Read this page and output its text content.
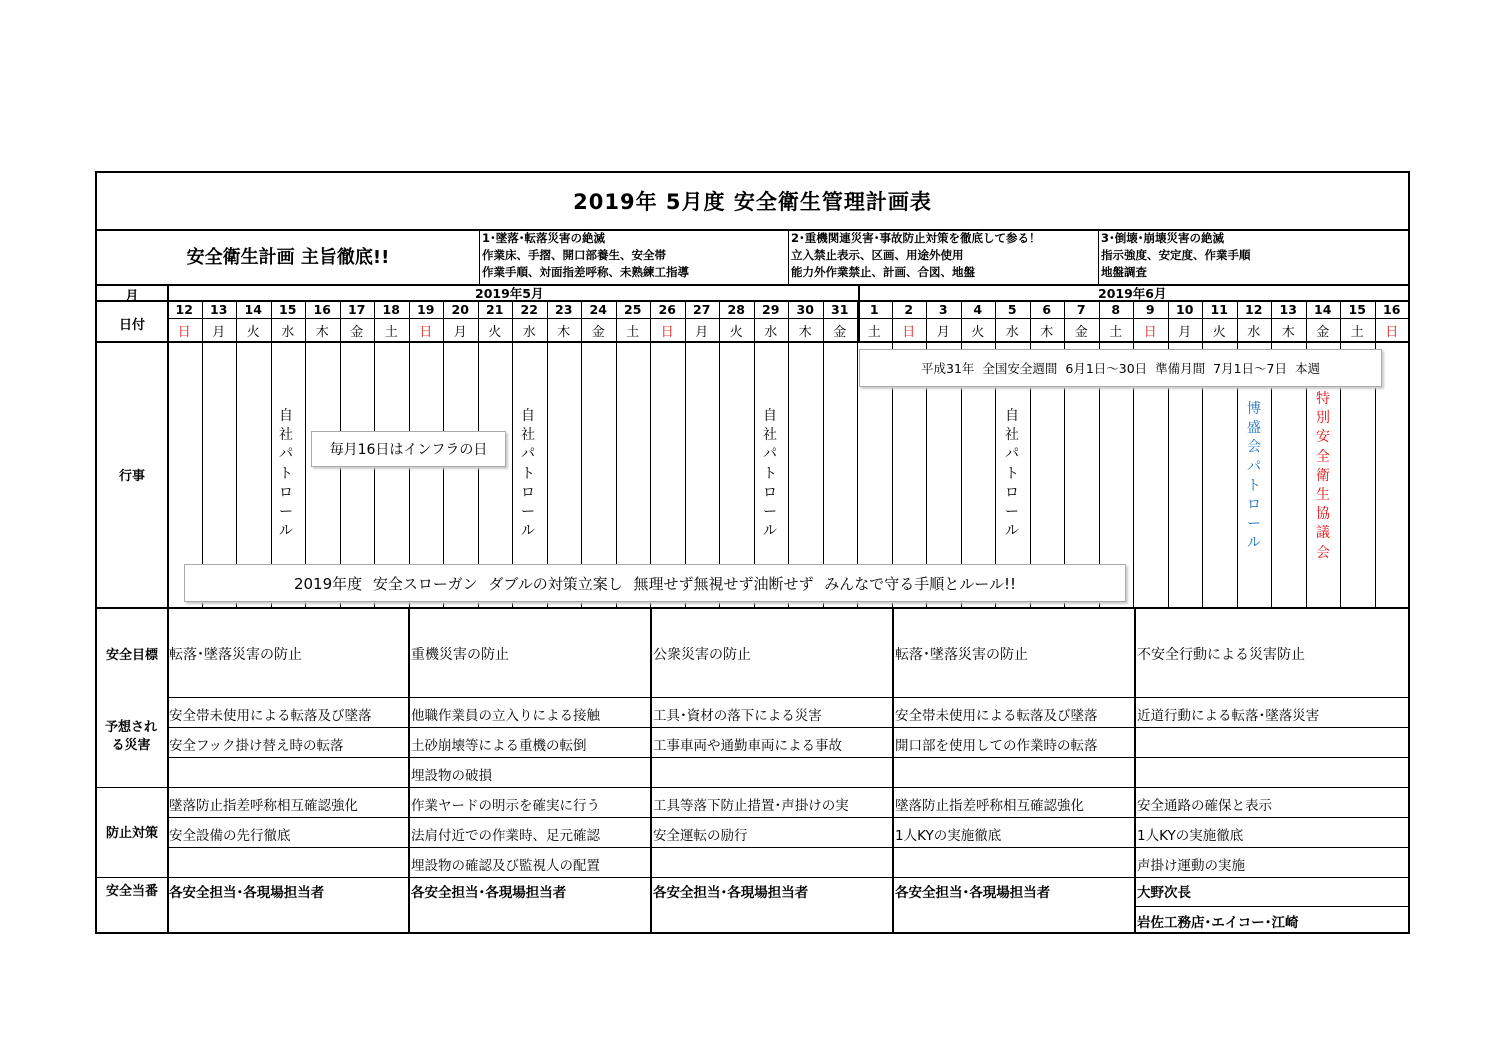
2019年 5月度 安全衛生管理計画表
安全衛生計画 主旨徹底!!
1･墜落･転落災害の絶滅
作業床、手摺、開口部養生、安全帯
作業手順、対面指差呼称、未熟練工指導
2･重機関連災害･事故防止対策を徹底して参る！
立入禁止表示、区画、用途外使用
能力外作業禁止、計画、合図、地盤
3･倒壊･崩壊災害の絶滅
指示強度、安定度、作業手順
地盤調査
月
日付
行事
安全目標
予想される災害
防止対策
安全当番
2019年5月	2019年6月
12
日
13
月
14
火
15
水
16
木
17
金
18
土
19
日
20
月
21
火
22
水
23
木
24
金
25
土
26
日
27
月
28
火
29
水
30
木
31
金
1
土
2
日
3
月
4
火
5
水
6
木
7
金
8
土
9
日
10
月
11
火
12
水
13
木
14
金
15
土
16
日
自社パトロール
自社パトロール
自社パトロール
自社パトロール
博盛会パトロール
特別安全衛生協議会
毎月16日はインフラの日
平成31年 全国安全週間 6月1日～30日 準備月間 7月1日～7日 本週
2019年度 安全スローガン ダブルの対策立案し 無理せず無視せず油断せず みんなで守る手順とルール!!
転落･墜落災害の防止
安全帯未使用による転落及び墜落
安全フック掛け替え時の転落
墜落防止指差呼称相互確認強化
安全設備の先行徹底
各安全担当･各現場担当者
重機災害の防止
他職作業員の立入りによる接触
土砂崩壊等による重機の転倒
埋設物の破損
作業ヤードの明示を確実に行う
法肩付近での作業時、足元確認
埋設物の確認及び監視人の配置
各安全担当･各現場担当者
公衆災害の防止
工具･資材の落下による災害
工事車両や通勤車両による事故
工具等落下防止措置･声掛けの実
安全運転の励行
各安全担当･各現場担当者
転落･墜落災害の防止
安全帯未使用による転落及び墜落
開口部を使用しての作業時の転落
墜落防止指差呼称相互確認強化
1人KYの実施徹底
各安全担当･各現場担当者
不安全行動による災害防止
近道行動による転落･墜落災害
安全通路の確保と表示
1人KYの実施徹底
声掛け運動の実施
大野次長
岩佐工務店･エイコー･江崎
